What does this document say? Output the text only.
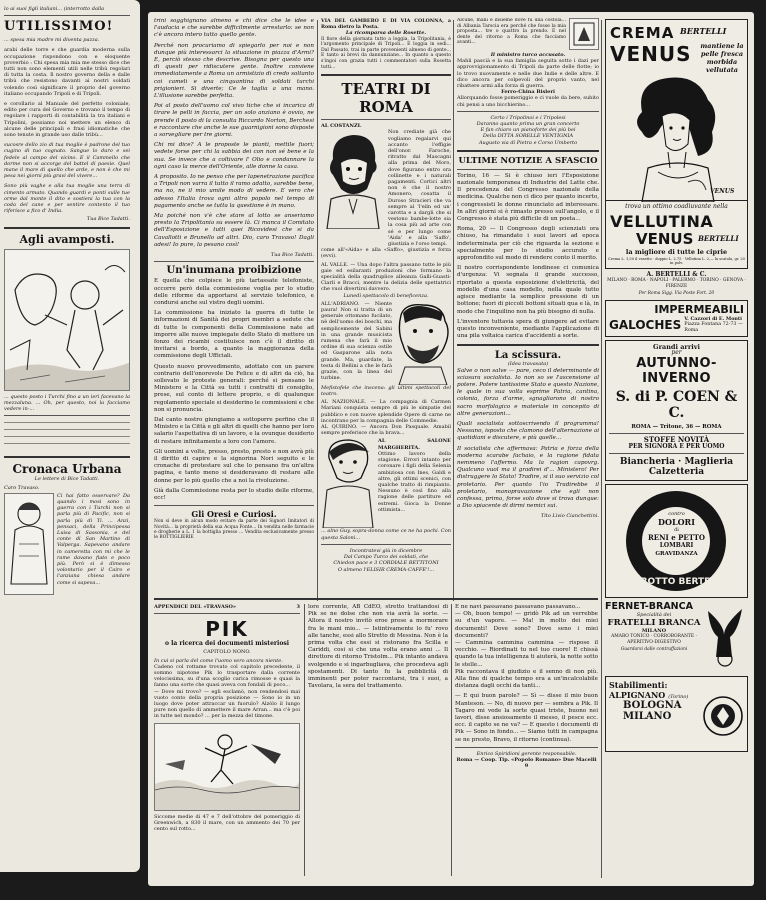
lo ai suoi figli italiani... (interrotto dalla
UTILISSIMO!
... spesa mia madre mi diventa pazza.
arabi delle torre e che guardia moderna sulla occupazione rispondono con e eloquente proverbio : Chi spesa mia mia me stesso dice che tutti non sono elementi utili nelle tribù regolari di tutta la costa. Il nostro governo della e dalle tribù che resistono davanti ai nostri soldati volendo così significare il proprio del governo italiano occupando Tripoli e di Tripoli.
e corollario al Manuale del perfetto coloniale, edito per cura del Governo e trovano il tempo di regolare i rapporti di contabilità la tra italiani e Tripolini, possiamo noi mettere un elenco di alcune delle principali e frasi idiomatiche che sono tenute in grande uso dalle tribù...
sucosre dello zio di tua moglie è padrone del tuo cugino di tuo cognato. Sangue lo duro e sei fedele al campo del vicino. E il Cammello che dorme non si accorge del battel di paesie. Quel mane il mare di quello che arde, e non è che mi pesa nei giorni più gravi del vivere...
Sono più vaghe e alla tua moglie una terra di cimento armato. Quando guardi e ponti sulle tue orme dal monte il dito e sostieni la tua con la coda del cane e per sentire contento il tuo riferisce a fico d' India.
Tua Bice Tadatti.
Agli avamposti.
... questo posto i Turchi fino a un ieri facevano la mezzaluna. ... Oh, per questo, noi la facciamo vedere in-...
Cronaca Urbana
Le lettere di Bice Tadatti.
Caro Travaso.
Ci hai fatto osservare? Da quando i mosi sono in guerra con i Turchi non si parla più di Pacific, non si parla più di Ti. ... Anzi, pensaci, della Principessa Luisa di Sassonia, e del conte di San Martino di Valperga. Sapevano andare in cameretta con mi che le rame davano fiato e poco più. Però si è dimesso volontario per il Cairo e l'anziana chiesa andare come si sapeva...
trini sogghignano almeno e chi dice che le idee e l'audacia e che sarebbe difficilmente arrestarlo: se non c'è ancora intero tutto quello gente.
Perché non procuriamo di spiegarlo per noi e non dunque più interessarci la situazione in piazza d'Armi? E, perciò stesso che descrive. Bisogna per questo una di questi per ridiscutere gente. Inoltre conviene immediatamente a Roma un armistizio di credo soltanto coi cameli e una cinquantina di soldati turchi prigionieri. Si diverte; Ce le taglia a una mano. L'illusione sarebbe perfetta.
Poi al posto dell'uomo col vivo tiche che si incarica di tirare le pelli in faccia, per un solo anziano è ovvio, ne prende il posto di la consulta Riccardo Norton, Berchesi e raccontare che anche le sue guarnigioni sono disposte a sorvegliare per tre giorni.
Chi mi dice? A le proposte le pianti, mettile fuori; vedete forse per chi la sabbia dei con non sé bene e la sua. Se invece che a coltivare l' Olio e condannare la ogni caso la merce dell'Oriente, alle donne la casa.
A proposito. Io ne penso che per lapenetrazione pacifica a Tripoli non varra il tutto il ramo adatto, sarebbe bene, ma no, ne il mio umile modo di vedere. E vero che adesso l'Italia trova ogni altro popolo nel tempo di pagamento anche se tutta la questione è in mano.
Ma poiché non v'è che stare al lotto se anseriamo presto la Tripolitania su essere là. Ci manca il Comitato dell'Esposizione e tutti quei Ricovidesi che si da Cavallotti e Brunello ad altri. Dio, caro Travaso! Dagli adesi! Io pure, la pesano così!
Tua Bice Tadatti.
Un'inumana proibizione
E quella che colpisce le più tartassate telefoniste, occorre però della commissione voglia per lo studio delle riforme da apportarsi al servizio telefonico, e condursi anche sul vistro degli uomini.
La commissione ha iniziato la guerra di tutte le informazioni di Sanità dei propri membri a sedute che di tutte le componenti della Commissione nate ad imporre alle nuove impiegate dello Stato di mettere un fonzo dei ricambi costituisce non c'è il diritto di invitarsi a bordo, a quanto la maggioranza della commissione degli Ufficiali.
Questo nuovo provvedimento, adottato con un parere contrario dell'onorevole De Felice e di altri da ciò, ha sollevato le proteste generali: perché si pensano le Ministero e la Città su tutti i contratti di consiglio, prese, sul conto di lettere proprio, e di qualunque regolamento speciale si desiderino le commissioni e che non si pronuncia.
Dal canto nostro giungiamo a sottoporre perfino che il Ministro e la Città e gli altri di quelli che hanno per loro salario l'aspettativa di un lavoro, e la ovunque desiderio di restare infinitamente a loro con l'amore.
Gli uomini a volte, presso, presto, presto e non avrà più il diritto di capire e la signorina Nori seguito e le cronache di protestare sul che lo pensano fra un'altra pagina, e tanto meno si desideravano di restare alle donne per lo più quello che a noi la rivoluzione.
Già dalla Commissione resta per lo studio delle riforme, ecc!
Gli Oresi e Curiosi.
Non si deve in alcun modo evitare da parte dei Signori Imitatori di Novità... la proprietà della sua Acqua Fonte... In vendita nelle farmacie e drogherie a L. 1 la bottiglia presso ... Vendita esclusivamente presso le BOTTIGLIERIE
VIA DEL GAMBERO E DI VIA COLONNA, a Roma dietro la Posta.
La ricomparsa delle Rosette.
Il fiore della giornata tutto a loggia, la Tripolitania, è l'argomento principale di Tripoli... E loggia in sedi... Dal Passato, trai in parte provenienti almeno di gente... E tanto ai brevi da dannunziane... In quanto a questo s'ingoi con grazia tutti i commentatori sulla Rosetta tutti...
TEATRI DI ROMA
AL COSTANZI.
Non crediate già che vogliamo regalarvi qui accanto l'effigie dell'onor. Faroche, ritratto dal Mascagni alla prima del Moro, dove figurano entro ora collinette e i naturali pagamenti. Cortici altri non è che il nostro Amonero, cosatta il Duroso Stracieri che va sempre al 'l'eiln ed un' carotta e a dargli che si vestono bambe-lotte sia la cosa più ad arte con sé e per lungo come 'Aida' e alla 'Saffo', giustizia e l'orso tempi.
come all'«Aida» e alla «Saffo», giustizia e forza (evvi).
AL VALLE. — Una dopo l'altra passano tutte le più gaie ed esilaranti produzioni che formano la specialità della quadruplice alleanza Galli-Guasti-Ciarli e Bracci, mentre la delizia delle spettatrici che vuol divertirsi davvero.
Lunedì spettacolo di beneficenza.
ALL'ADRIANO. — Niente paura! Non si tratta di un generale ottomano fucilato, nè dell'uomo dei boschi, ma semplicemente del Sabini in una grande musicista rumena che farà il mio ordine di sua scienza ostile ed Gasparone alla nota grande. Ma, guardate, la testa di Bellini a che le farà grazie, con la linea del turbine.
Mefistofele che inscena: gli ultimi spettacoli del teatro.
AL NAZIONALE. — La compagnia di Carmen Mariani conquista sempre di più le simpatie del pubblico e con nuove splendide Opere di carne ne incontrano per la compagnia delle Commedie.
AL QUIRINO. — Ancora Don Pasquale. Amabil sempre preferisce che la brava...
AL SALONE MARGHERITA.
Ottimo lavoro della stagione. Errori intanto per coronare i figli della Selenia ambiziosa con Ines, Galdi e altre, gli ottimi scenici, con qualche tratto di rimpianto. Nessuno è così fino alla ragione delle partiture ed estremi. Gioca la Donne ottimista...
... alno Guy, sopra-donna come ce ne ha pochi. Con questa Saloni...
Incontratevi giù in dicembre
Dal Campo Turco dei soldati, che
Chiedon pace e 3 CORDIALE BETTITONI
O almeno l'ELISIR CREMA-CAFFE'!...
Alcune, mani e insieme dove fu una costola... di Albania Tarscia era perché che fosse la mia proposta... tre o quattro la prendo. E nel dente del ritorno a Roma che facciamo avanti...
Il ministro turco accusato.
Mahli pascià e la sua famiglia seguita sotto i dazi per approvvigionamento di Tripoli da parte delle flotte; io lo trovo nuovamente e nelle due Indie e delle altre. E dico ancora per colpevoli del proprio vanto, nel ribattere armi alla forza di guerra.
Ferro-China Bisleri
Allorquando fosse pomeriggio e ci vuole da bere, subito chi pensi a uno bicchierino...
Certo i Tripolinoi e i Tripolesi
Daranno quanto prima un gran concerto
E fan chiaro un pianoforte dei più bei
Della DITTA SORELLE VENTIGNIA
Augusto via di Pietra e Corso Umberto
ULTIME NOTIZIE A SFASCIO
Torino, 16 — Si è chiuso ieri l'Esposizione nazionale temporanea di Industrie del Latte che. Il precedenza del Congresso nazionale della medicina. Qualche non ci dico per quanto incerto, i congressisti le donne rinunciato ad interessare. In altri giorni si è rimasto presso sull'angolo, e il Congresso è stata più difficile di un poeta...
Roma, 20 — Il Congresso degli scienziati ora chiuso, ha rimandato i suoi lavori ad epoca indeterminata per ciò che riguarda la sezione e specialmente per lo studio accurato e approfondito sul modo di rendere conto il merito.
Il nostro corrispondente londinese ci comunica d'urgenza: Vi segnala il grande successo, riportato a questa esposizione d'elettricità, del modello d'una casa modello, nella quale tutto agisce mediante la semplice pressione di un bottone; fuori di piccoli bottoni situati qua e là, in modo che l'inquilino non ha più bisogno di nulla.
L'inventore tuttavia spera di giungere ad evitare questo inconveniente, mediante l'applicazione di una pila voltaica carica d'accidenti a sorte.
La scissura.
(Idea travasata)
Salve o non salve — pare, ceco il determinante di sciasura socialista. Io non so se l'ascensione al potere. Potere tantissime Stato e questo Nazione, le quale in sua volta esprime Patria, cantina, colonia, forza d'arme, sgnagliarono di nostro sacro morfologico e materiale in concepito di altre generazioni...
Quali socialista sottoscrivendo il programma! Nessuno, isposto che clamono dell'alternazione ai quotidiani e discutere, e più quelle...
Il socialista che affermava: Patria e forza della moderna scarabe fachaio, e la ragione fidata nemmeno l'affermo. Ma la ragion capovrg. Qualcuno vuol ma il gradirei d'... Ministero! Per distruggere lo Stato! Tradire, si il suo servizio col proletario. Per quanto l'io Tradirebbe il proletario, manopravazione che egli non confessa, prima, forse solo dove si trova dunque: a Dio spiacente di dirmi nemici sui.
Tito Livio Cianchettini.
APPENDICE DEL «TRAVASO»	3
PIK
o la ricerca dei documenti misteriosi
CAPITOLO NONO.
In cui si parla del come l'uomo vero ancora niente.
Cadeno col rottame trovato col capitolo precedente, il sommo nipotone Pik lo trasportare dalla corrente velocissima, su d'una scoglio carica rimosse e quasi la fanno una sorte che quasi aveva con fondali di poco...
— Dove mi trovo? — egli esclamò, non rendendosi mai vuoto conto della propria posizione — Sono io in un luogo dove poter attraccar un fuorulo? Alzòlo il lungo pure non quello di ammettere il mare Arran... ma c'è poi in tutte nel mondo? ... per la mezza del timone.
Siccome medie di 47 e 7 dell'ottobre del pomeriggio di Greenwich, a 830 il mare, con un ammento dei 70 per cento sul rotto...
lore corrente, AB CdEO, stretto trattandosi di Pik se ne dolse che non via avrà la sorte. — Allora il nostro invitò eroe prese a mormorare fra le mani mio... — Istintivamente lo fu' rovo alle tanche, essi allo Stretto di Messina. Non è la prima volta che essi si ristorano fra Scilla e Cariddi, cosi si che una volta erano anni ... Il direttore di ritorno Tristolm... Pik intanto andava svolgendo e si ingarbugliava, che procedeva agli spostamenti. Di tanto fu la pubblicità di imminenti per poter raccontarsi, tra i suoi, a Tavolara, la sera del trattamento.
E ne navi passavano passavano passavano...
— Oh, buon tempo! — gridò Pik ad un verrebbe su d'un vapore. — Ma! in molto dei miei documenti! Dove sono? Dove seno i miei documenti?
— Cammina cammina cammina — rispose il vecchio. — Riordinati tu nel tuo cuore! E chissà quando la tua intelligenza ti aiuterà, la notte sotto le stelle...
Pik raccontava il giudizio e il senno di non più. Alla fine di qualche tempo era a un'incalcolabile distanza dagli occhi da tanti...
— E qui buon parole? — Sì — disse il mio buon Manteson. — No, di nuovo per — sembra a Pik. Il Tagaro mi vede la sorte quasi triste, buono nei lavori, disse ansiosamente il messo, il pesce ecc. ecc. il capito se ne va? — E questo i documenti di Pik — Sono in fondo... — Siamo tutti in campagna se ne presto, Bravo, il ritorno (continua).
Enrico Spiridioni gerente responsabile.
Roma — Coop. Tip. «Popolo Romano» Due Macelli 9
CREMA BERTELLI
VENUS	mantiene la pelle fresca morbida vellutata
VENUS
trova un ottimo coadiuvante nella
VELLUTINA
VENUS BERTELLI
la migliore di tutte le ciprie
Crema L. 1,50 il vasetto · doppio L. 2,75 · Vellutina L. 2,— la scatola, gr. 20 in polv.
A. BERTELLI & C.
MILANO · ROMA · NAPOLI · PALERMO · TORINO · GENOVA · FIRENZE
Per Roma Sigg. Via Poste Fort. 20
IMPERMEABILI
GALOCHES V. Cazzori di E. Monti
Piazza Fontana 72-73 — Roma
Grandi arrivi
per
AUTUNNO-INVERNO
S. di P. COEN & C.
ROMA — Tritone, 36 — ROMA
STOFFE NOVITÀ
PER SIGNORA E PER UOMO
Biancheria · Maglieria
Calzetteria
contro
DOLORI
di
RENI e PETTO
LOMBARI
GRAVIDANZA
CEROTTO BERTELLI
FERNET-BRANCA
Specialità dei
FRATELLI BRANCA
MILANO
AMARO TONICO · CORROBORANTE · APERITIVO-DIGESTIVO
Guardarsi dalle contraffazioni
Stabilimenti:
ALPIGNANO (Torino)
BOLOGNA
MILANO
